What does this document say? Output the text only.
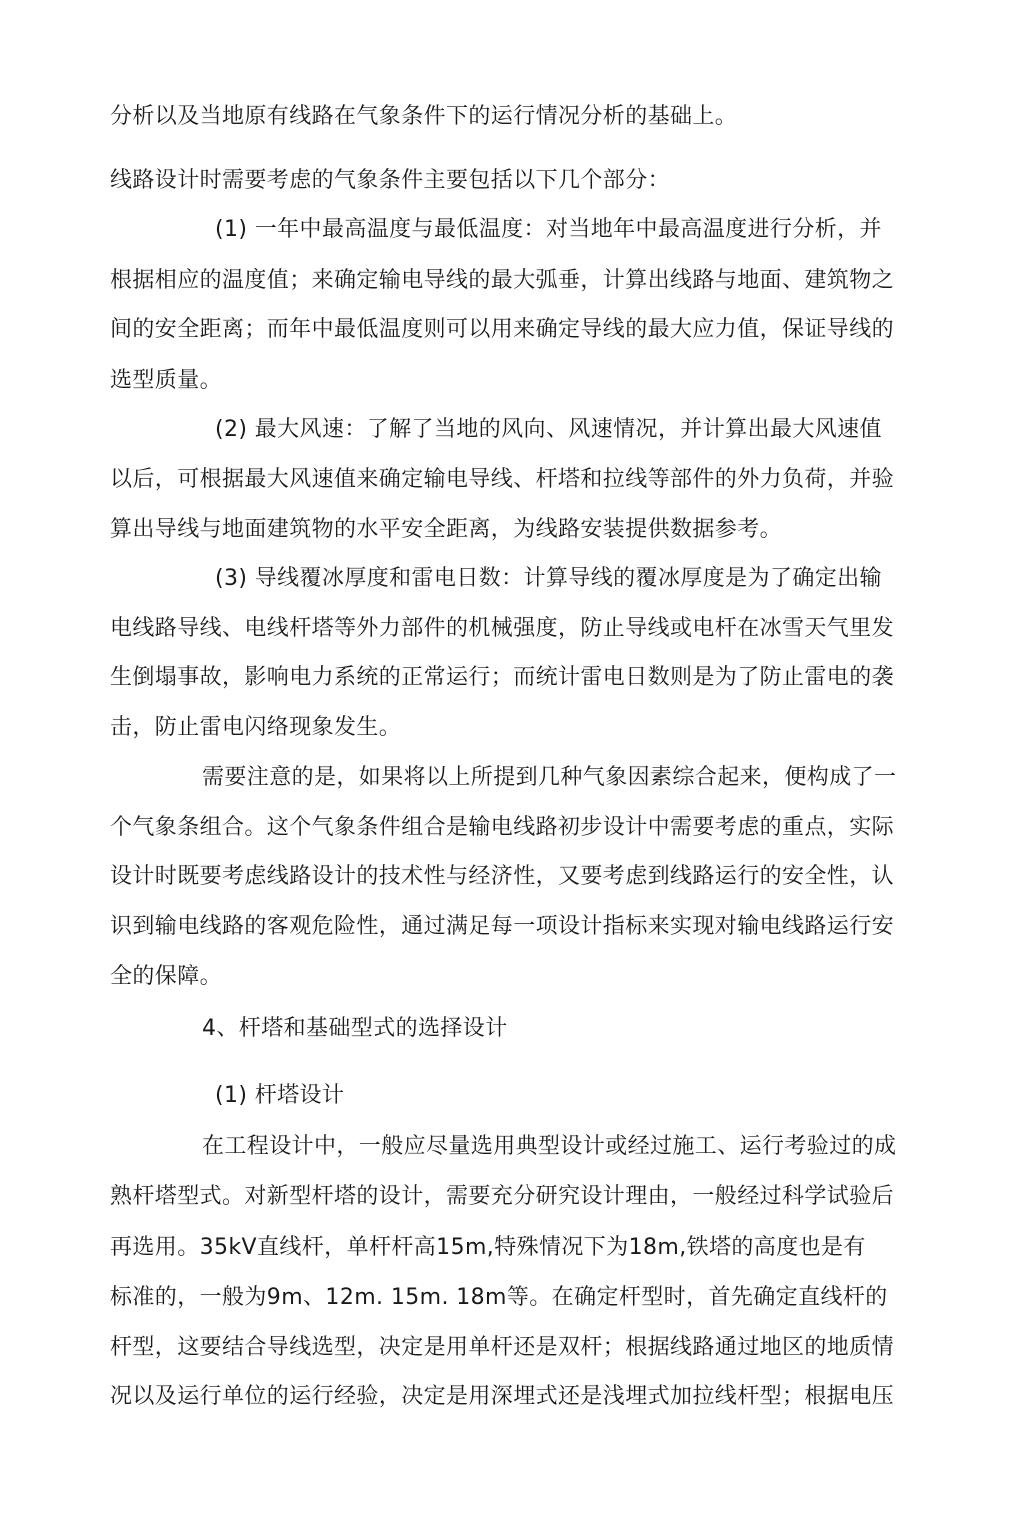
分析以及当地原有线路在气象条件下的运行情况分析的基础上。
线路设计时需要考虑的气象条件主要包括以下几个部分：
(1) 一年中最高温度与最低温度：对当地年中最高温度进行分析，并
根据相应的温度值；来确定输电导线的最大弧垂，计算出线路与地面、建筑物之
间的安全距离；而年中最低温度则可以用来确定导线的最大应力值，保证导线的
选型质量。
(2) 最大风速：了解了当地的风向、风速情况，并计算出最大风速值
以后，可根据最大风速值来确定输电导线、杆塔和拉线等部件的外力负荷，并验
算出导线与地面建筑物的水平安全距离，为线路安装提供数据参考。
(3) 导线覆冰厚度和雷电日数：计算导线的覆冰厚度是为了确定出输
电线路导线、电线杆塔等外力部件的机械强度，防止导线或电杆在冰雪天气里发
生倒塌事故，影响电力系统的正常运行；而统计雷电日数则是为了防止雷电的袭
击，防止雷电闪络现象发生。
需要注意的是，如果将以上所提到几种气象因素综合起来，便构成了一
个气象条组合。这个气象条件组合是输电线路初步设计中需要考虑的重点，实际
设计时既要考虑线路设计的技术性与经济性，又要考虑到线路运行的安全性，认
识到输电线路的客观危险性，通过满足每一项设计指标来实现对输电线路运行安
全的保障。
4、杆塔和基础型式的选择设计
(1) 杆塔设计
在工程设计中，一般应尽量选用典型设计或经过施工、运行考验过的成
熟杆塔型式。对新型杆塔的设计，需要充分研究设计理由，一般经过科学试验后
再选用。35kV直线杆，单杆杆高15m,特殊情况下为18m,铁塔的高度也是有
标准的，一般为9m、12m. 15m. 18m等。在确定杆型时，首先确定直线杆的
杆型，这要结合导线选型，决定是用单杆还是双杆；根据线路通过地区的地质情
况以及运行单位的运行经验，决定是用深埋式还是浅埋式加拉线杆型；根据电压
